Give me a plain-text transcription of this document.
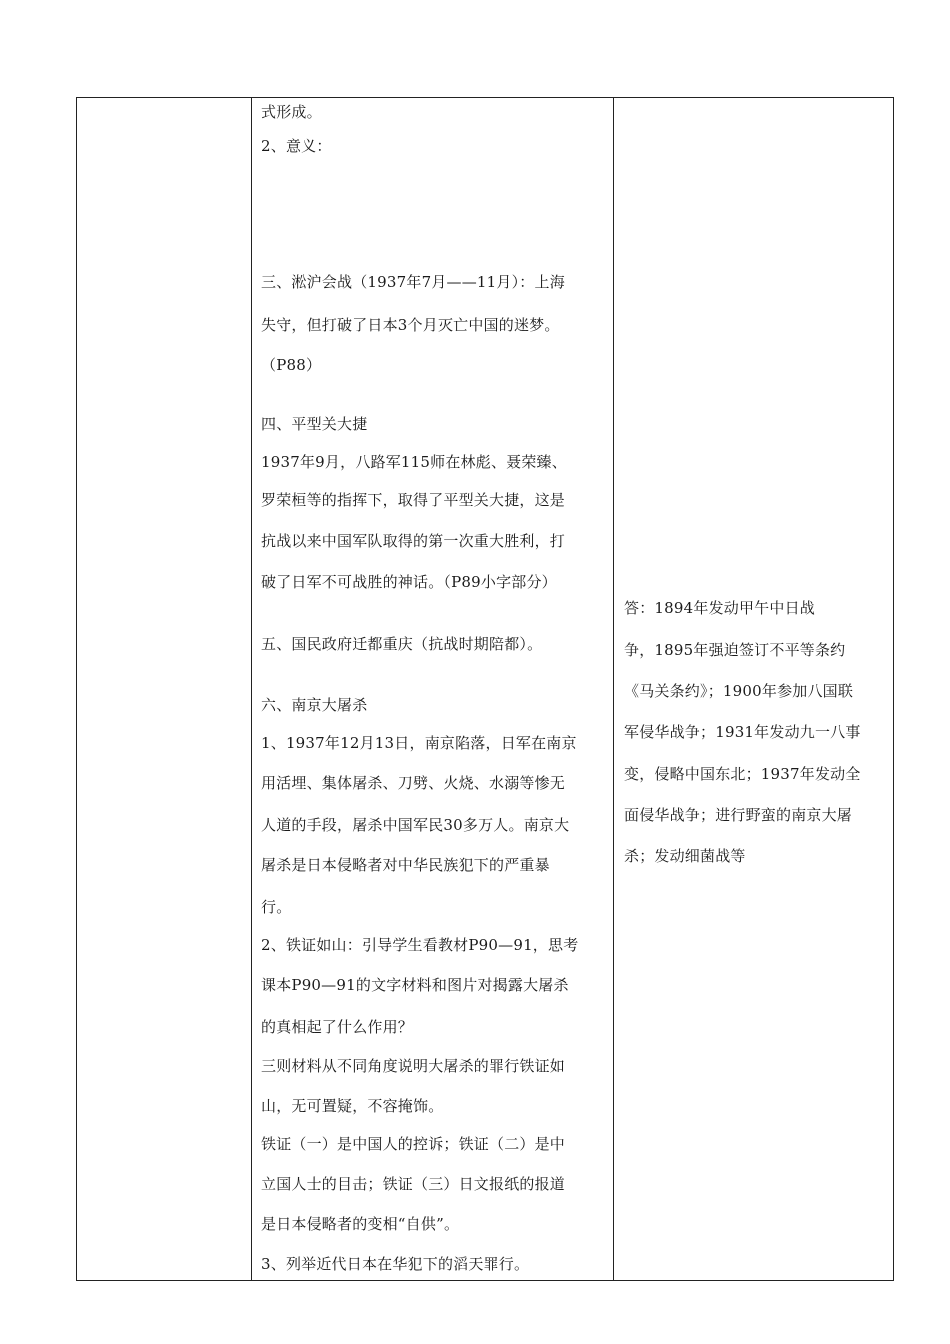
式形成。
2、意义：
三、淞沪会战（1937年7月——11月）：上海
失守，但打破了日本3个月灭亡中国的迷梦。
（P88）
四、平型关大捷
1937年9月，八路军115师在林彪、聂荣臻、
罗荣桓等的指挥下，取得了平型关大捷，这是
抗战以来中国军队取得的第一次重大胜利，打
破了日军不可战胜的神话。（P89小字部分）
五、国民政府迁都重庆（抗战时期陪都）。
六、南京大屠杀
1、1937年12月13日，南京陷落，日军在南京
用活埋、集体屠杀、刀劈、火烧、水溺等惨无
人道的手段，屠杀中国军民30多万人。南京大
屠杀是日本侵略者对中华民族犯下的严重暴
行。
2、铁证如山：引导学生看教材P90—91，思考
课本P90—91的文字材料和图片对揭露大屠杀
的真相起了什么作用？
三则材料从不同角度说明大屠杀的罪行铁证如
山，无可置疑，不容掩饰。
铁证（一）是中国人的控诉；铁证（二）是中
立国人士的目击；铁证（三）日文报纸的报道
是日本侵略者的变相“自供”。
3、列举近代日本在华犯下的滔天罪行。
答：1894年发动甲午中日战
争，1895年强迫签订不平等条约
《马关条约》；1900年参加八国联
军侵华战争；1931年发动九一八事
变，侵略中国东北；1937年发动全
面侵华战争；进行野蛮的南京大屠
杀；发动细菌战等
